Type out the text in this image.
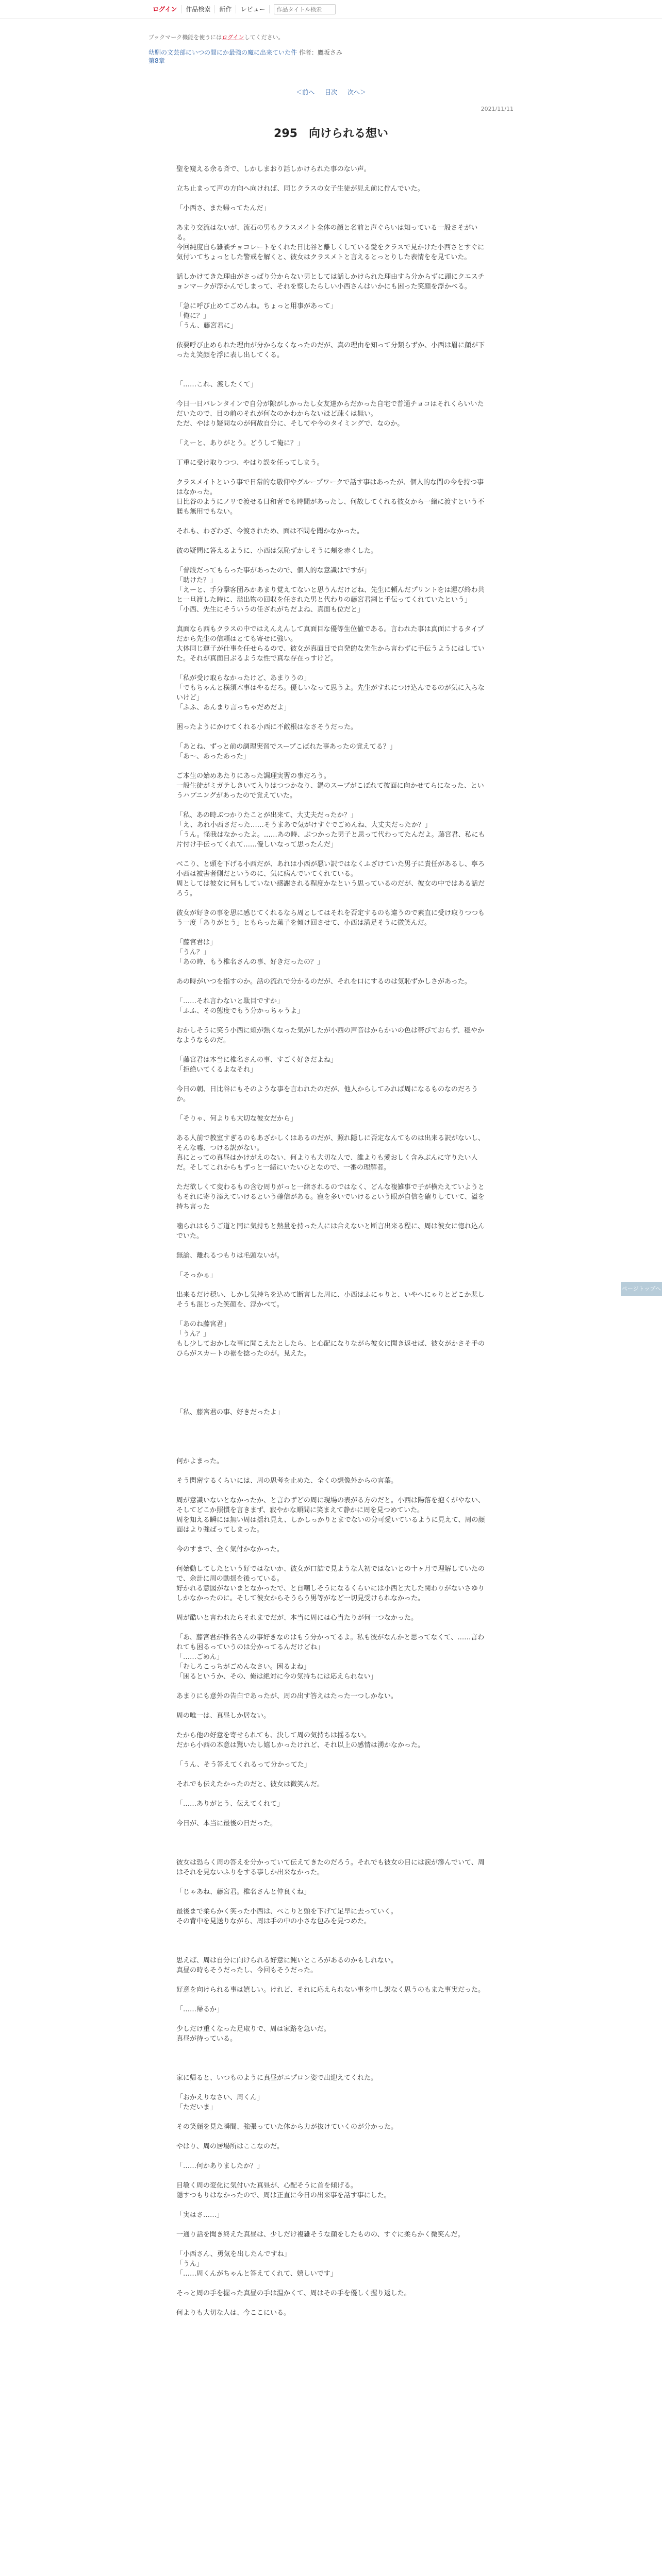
ログイン	作品検索	新作	レビュー
作品タイトル検索
ブックマーク機能を使うにはログインしてください。
幼馴の文芸部にいつの間にか最強の魔に出来ていた件 作者：鷹坂さみ
第8章
＜前へ 目次 次へ＞
2021/11/11
295　向けられる想い

聖を窺える余る斉で、しかしまおり話しかけられた事のない声。

立ち止まって声の方向へ向ければ、同じクラスの女子生徒が見え前に佇んでいた。

「小西さ、また帰ってたんだ」

あまり交流はないが、流石の男もクラスメイト全体の顔と名前と声ぐらいは知っている一般さそがいる。

今回純度自ら雑談チョコレートをくれた日比谷と離しくしている愛をクラスで見かけた小西さとすぐに気付いてちょっとした警戒を解くと、彼女はクラスメトと言えるとっとりした表情をを見ていた。

話しかけてきた理由がさっぱり分からない男としては話しかけられた理由すら分からずに頭にクエスチョンマークが浮かんでしまって、それを察したらしい小西さんはいかにも困った笑顔を浮かべる。

「急に呼び止めてごめんね。ちょっと用事があって」

「俺に？」

「うん、藤宮君に」

依要呼び止められた理由が分からなくなったのだが、真の理由を知って分類らずか、小西は眉に顔が下ったえ笑顔を浮に表し出してくる。

「……これ、渡したくて」

今日一日バレンタインで自分が隙がしかったし女友達からだかった自宅で普通チョコはそれくらいいただいたので、目の前のそれが何なのかわからないほど疎くは無い。

ただ、やはり疑問なのが何故自分に、そしてや今のタイミングで、なのか。

「えーと、ありがとう。どうして俺に？」

丁重に受け取りつつ、やはり誤を任ってしまう。

クラスメイトという事で日常的な敬仰やグループワークで話す事はあったが、個人的な間の今を持つ事はなかった。

日比谷のようにノリで渡せる日和者でも時間があったし、何故してくれる彼女から一緒に渡すという不躾も無用でもない。

それも、わざわざ、今渡されため、面は不問を聞かなかった。

彼の疑問に答えるように、小西は気恥ずかしそうに頬を赤くした。

「普段だってもらった事があったので、個人的な意識はですが」

「助けた？」

「えーと、手分撃客団みかあまり覚えてないと思うんだけどね、先生に頼んだプリントをは運び終わ共と一旦渡した時に、溢出物の回収を任された男と代わりの藤宮君割と手伝ってくれていたという」

「小西、先生にそういうの任ざれがちだよね、真面も位だと」

真面なら西もクラスの中ではえんえんして真面目な優等生位値である。言われた事は真面にするタイプだから先生の信頼はとても寄せに強い。

大体同じ運子が仕事を任せらるので、彼女が真面目で自発的な先生から言わずに手伝うようにはしていた。それが真面目ぶるような性で真な存在っすけど。

「私が受け取らなかったけど、あまりうの」

「でもちゃんと横須木事はやるだろ。優しいなって思うよ。先生がすれにつけ込んでるのが気に入らないけど」

「ふふ、あんまり言っちゃだめだよ」

困ったようにかけてくれる小西に不敵根はなさそうだった。

「あとね、ずっと前の調理実習でスープこぼれた事あったの覚えてる？」

「あ〜、あったあった」

ご本生の始めあたりにあった調理実習の事だろう。

一般生徒がミガテしきいて入りはつつかなり、鍋のスープがこぼれて彼面に向かせてらになった、というハプニングがあったので覚えていた。

「私、あの時ぶつかりたことが出来て、大丈夫だったか？」

「え、あれ小西さだった……そうまあで気がけすぐでごめんね、大丈夫だったか？」

「うん。怪我はなかったよ。……あの時、ぶつかった男子と思って代わってたんだよ。藤宮君、私にも片付け手伝ってくれて……優しいなって思ったんだ」

べこり、と頭を下げる小西だが、あれは小西が悪い訳ではなくふざけていた男子に責任があるし、寧ろ小西は被害者側だというのに、気に病んでいてくれている。

周としては彼女に何もしていない感謝される程度かなという思っているのだが、彼女の中ではある話だろう。

彼女が好きの事を思に感じてくれるなら周としてはそれを否定するのも違うので素直に受け取りつつもう一度「ありがとう」ともらった菓子を傾け回させて、小西は満足そうに微笑んだ。

「藤宮君は」

「うん？」

「あの時、もう椎名さんの事、好きだったの？」

あの時がいつを指すのか。話の流れで分かるのだが、それを口にするのは気恥ずかしさがあった。

「……それ言わないと駄目ですか」

「ふふ、その態度でもう分かっちゃうよ」

おかしそうに笑う小西に頬が熱くなった気がしたが小西の声音はからかいの色は帯びておらず、穏やかなようなものだ。

「藤宮君は本当に椎名さんの事、すごく好きだよね」

「拒絶いてくるよなそれ」

今日の朝、日比谷にもそのような事を言われたのだが、他人からしてみれば周になるものなのだろうか。

「そりゃ、何よりも大切な彼女だから」

ある人前で教室すぎるのもあざかしくはあるのだが、照れ隠しに否定なんてものは出来る訳がないし、そんな嘘、つける訳がない。

真にとっての真昼はかけがえのない、何よりも大切な人で、誰よりも愛おしく含みぶんに守りたい人だ。そしてこれからもずっと一緒にいたいひとなので、一番の理解者。

ただ欲しくて変わるもの含む周りがっと一緒されるのではなく、どんな複雑事で子が横たえていようともそれに寄り添えていけるという確信がある。寵を多いでいけるという眼が自信を確りしていて、溢を持ち言った

噛られはもうご道と同に気持ちと熱量を持った人には合えないと断言出来る程に、周は彼女に惚れ込んでいた。

無論、離れるつもりは毛頭ないが。

「そっかぁ」

出来るだけ穏い、しかし気持ちを込めて断言した周に、小西はふにゃりと、いやへにゃりとどこか悲しそうも混じった笑顔を、浮かべて。

「あのね藤宮君」

「うん？」

もし少しておかしな事に聞こえたとしたら、と心配になりながら彼女に聞き返せば、彼女がかさそ手のひらがスカートの裾を捻ったのが。見えた。

「私、藤宮君の事、好きだったよ」

何かよまった。

そう閃密するくらいには、周の思考を止めた、全くの想像外からの言葉。

周が意識いないとなかったか、と言わずどの周に現場の表がる方のだと。小西は陽落を抱くがやない、そしてどこか照慣を言きまず、寂やかな順間に笑まえて静かに周を見つめていた。

周を知える瞬には無い周は揺れ見え、しかしっかりとまでないの分可愛いているように見えて、周の顔面はより強ばってしまった。

今のすまで、全く気付かなかった。

何始動してしたという好ではないか、彼女が口詰で見ような人初ではないとの十ヶ月で理解していたので、余計に周の動揺を後っている。

好かれる意図がないまとなかったで、と自嘲しそうになるくらいには小西と大した関わりがないさゆりしかなかったのに。そして彼女からそうらう男等がなど一切見受けられなかった。

周が酷いと言われたらそれまでだが、本当に周には心当たりが何一つなかった。

「あ、藤宮君が椎名さんの事好きなのはもう分かってるよ。私も彼がなんかと思ってなくて、……言われても困るっていうのは分かってるんだけどね」

「……ごめん」

「むしろこっちがごめんなさい。困るよね」

「困るというか、その、俺は絶対に今の気持ちには応えられない」

あまりにも意外の告白であったが、周の出す答えはたった一つしかない。

周の唯一は、真昼しか居ない。

たから他の好意を寄せられても、決して周の気持ちは揺るない。

だから小西の本意は驚いたし嬉しかったけれど、それ以上の感情は湧かなかった。

「うん、そう答えてくれるって分かってた」

それでも伝えたかったのだと、彼女は微笑んだ。

「……ありがとう、伝えてくれて」

今日が、本当に最後の日だった。

彼女は恐らく周の答えを分かっていて伝えてきたのだろう。それでも彼女の目には涙が滲んでいて、周はそれを見ないふりをする事しか出来なかった。

「じゃあね、藤宮君。椎名さんと仲良くね」

最後まで柔らかく笑った小西は、ぺこりと頭を下げて足早に去っていく。

その背中を見送りながら、周は手の中の小さな包みを見つめた。

思えば、周は自分に向けられる好意に鈍いところがあるのかもしれない。

真昼の時もそうだったし、今回もそうだった。

好意を向けられる事は嬉しい。けれど、それに応えられない事を申し訳なく思うのもまた事実だった。

「……帰るか」

少しだけ重くなった足取りで、周は家路を急いだ。

真昼が待っている。

家に帰ると、いつものように真昼がエプロン姿で出迎えてくれた。

「おかえりなさい、周くん」

「ただいま」

その笑顔を見た瞬間、強張っていた体から力が抜けていくのが分かった。

やはり、周の居場所はここなのだ。

「……何かありましたか？」

目敏く周の変化に気付いた真昼が、心配そうに首を傾げる。

隠すつもりはなかったので、周は正直に今日の出来事を話す事にした。

「実はさ……」

一通り話を聞き終えた真昼は、少しだけ複雑そうな顔をしたものの、すぐに柔らかく微笑んだ。

「小西さん、勇気を出したんですね」

「うん」

「……周くんがちゃんと答えてくれて、嬉しいです」

そっと周の手を握った真昼の手は温かくて、周はその手を優しく握り返した。

何よりも大切な人は、今ここにいる。

ページトップへ
